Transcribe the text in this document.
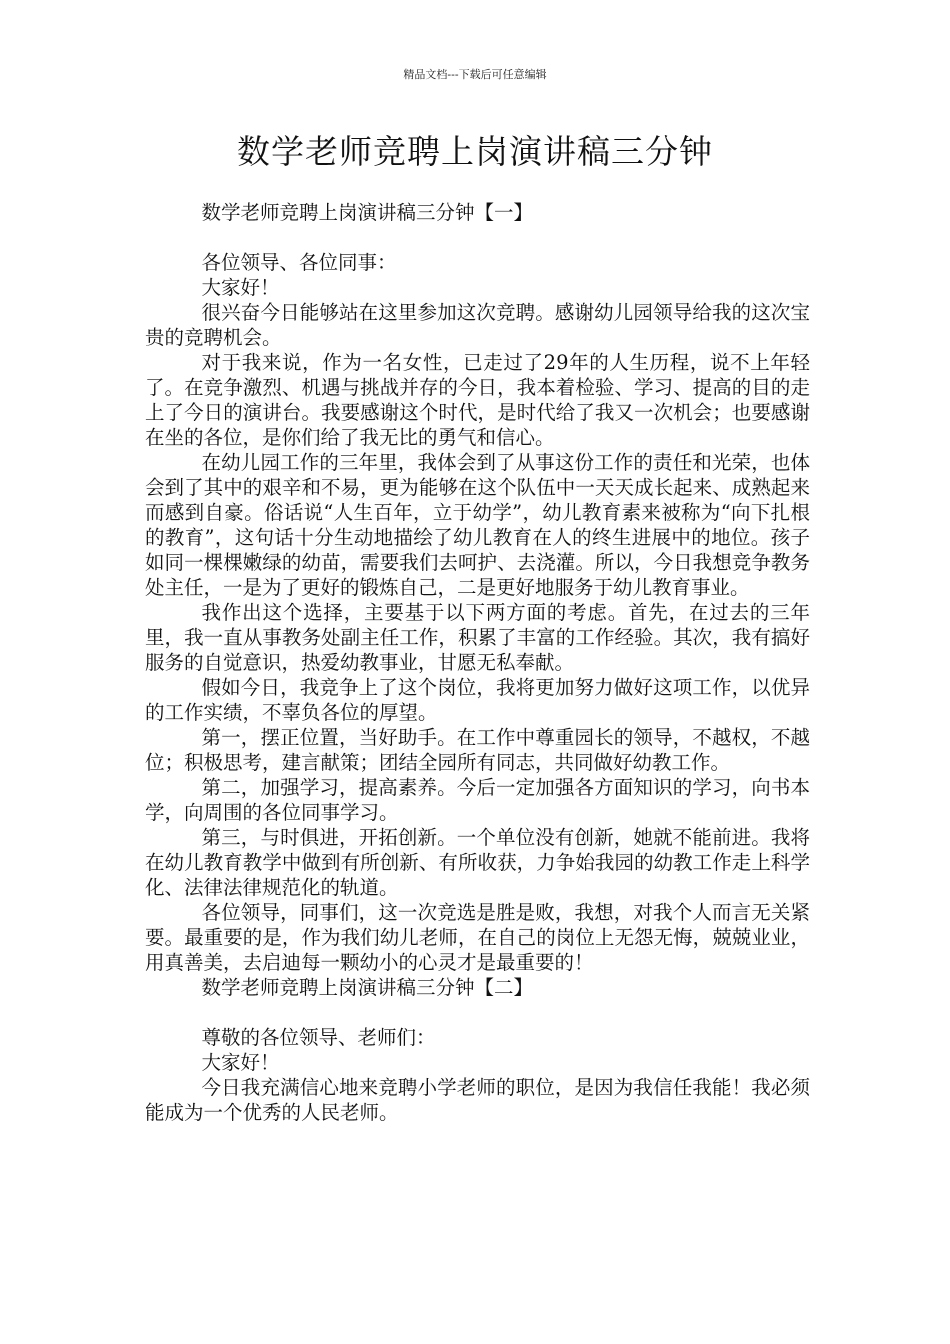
精品文档---下载后可任意编辑
数学老师竞聘上岗演讲稿三分钟

数学老师竞聘上岗演讲稿三分钟【一】

各位领导、各位同事：

大家好！

很兴奋今日能够站在这里参加这次竞聘。感谢幼儿园领导给我的这次宝贵的竞聘机会。

对于我来说，作为一名女性，已走过了29年的人生历程，说不上年轻了。在竞争激烈、机遇与挑战并存的今日，我本着检验、学习、提高的目的走上了今日的演讲台。我要感谢这个时代，是时代给了我又一次机会；也要感谢在坐的各位，是你们给了我无比的勇气和信心。

在幼儿园工作的三年里，我体会到了从事这份工作的责任和光荣，也体会到了其中的艰辛和不易，更为能够在这个队伍中一天天成长起来、成熟起来而感到自豪。俗话说“人生百年，立于幼学”，幼儿教育素来被称为“向下扎根的教育”，这句话十分生动地描绘了幼儿教育在人的终生进展中的地位。孩子如同一棵棵嫩绿的幼苗，需要我们去呵护、去浇灌。所以，今日我想竞争教务处主任，一是为了更好的锻炼自己，二是更好地服务于幼儿教育事业。

我作出这个选择，主要基于以下两方面的考虑。首先，在过去的三年里，我一直从事教务处副主任工作，积累了丰富的工作经验。其次，我有搞好服务的自觉意识，热爱幼教事业，甘愿无私奉献。

假如今日，我竞争上了这个岗位，我将更加努力做好这项工作，以优异的工作实绩，不辜负各位的厚望。

第一，摆正位置，当好助手。在工作中尊重园长的领导，不越权，不越位；积极思考，建言献策；团结全园所有同志，共同做好幼教工作。

第二，加强学习，提高素养。今后一定加强各方面知识的学习，向书本学，向周围的各位同事学习。

第三，与时俱进，开拓创新。一个单位没有创新，她就不能前进。我将在幼儿教育教学中做到有所创新、有所收获，力争始我园的幼教工作走上科学化、法律法律规范化的轨道。

各位领导，同事们，这一次竞选是胜是败，我想，对我个人而言无关紧要。最重要的是，作为我们幼儿老师，在自己的岗位上无怨无悔，兢兢业业，用真善美，去启迪每一颗幼小的心灵才是最重要的！

数学老师竞聘上岗演讲稿三分钟【二】

尊敬的各位领导、老师们：

大家好！

今日我充满信心地来竞聘小学老师的职位，是因为我信任我能！我必须能成为一个优秀的人民老师。
